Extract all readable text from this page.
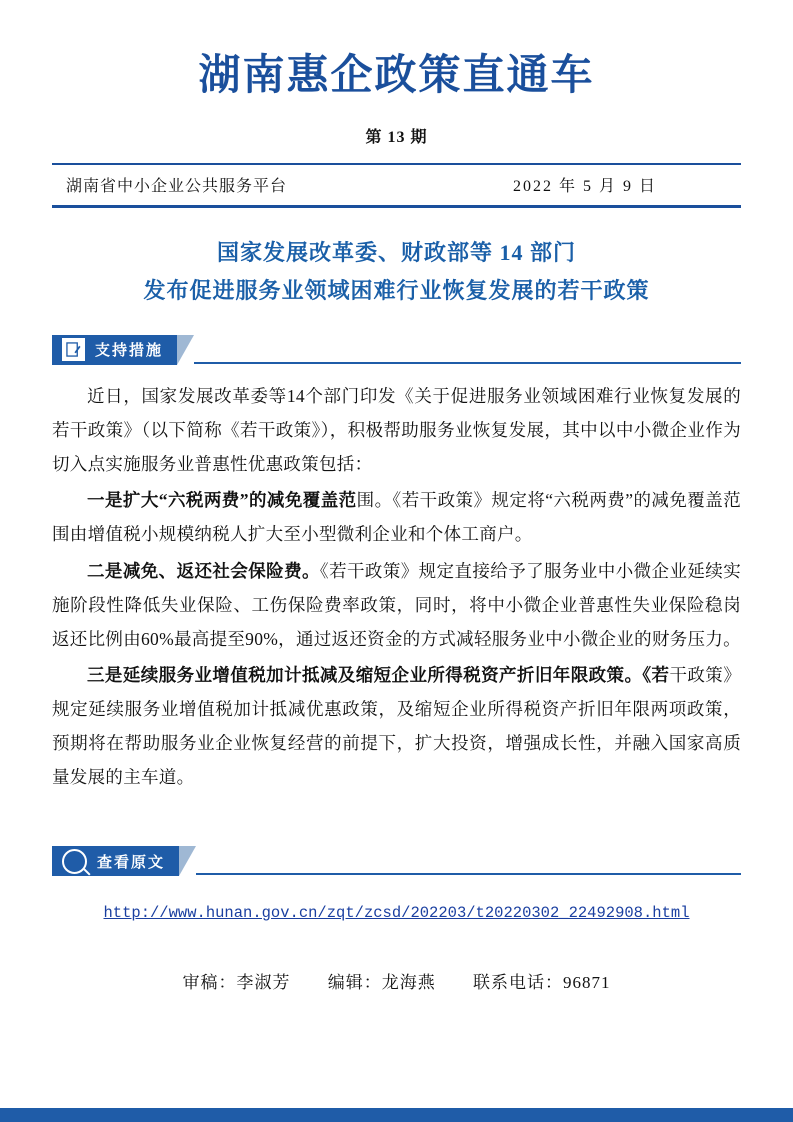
湖南惠企政策直通车
第 13 期
湖南省中小企业公共服务平台	2022 年 5 月 9 日
国家发展改革委、财政部等 14 部门
发布促进服务业领域困难行业恢复发展的若干政策
支持措施

近日，国家发展改革委等14个部门印发《关于促进服务业领域困难行业恢复发展的若干政策》（以下简称《若干政策》），积极帮助服务业恢复发展，其中以中小微企业作为切入点实施服务业普惠性优惠政策包括：

一是扩大“六税两费”的减免覆盖范围。《若干政策》规定将“六税两费”的减免覆盖范围由增值税小规模纳税人扩大至小型微利企业和个体工商户。

二是减免、返还社会保险费。《若干政策》规定直接给予了服务业中小微企业延续实施阶段性降低失业保险、工伤保险费率政策，同时，将中小微企业普惠性失业保险稳岗返还比例由60%最高提至90%，通过返还资金的方式减轻服务业中小微企业的财务压力。

三是延续服务业增值税加计抵减及缩短企业所得税资产折旧年限政策。《若干政策》规定延续服务业增值税加计抵减优惠政策，及缩短企业所得税资产折旧年限两项政策，预期将在帮助服务业企业恢复经营的前提下，扩大投资，增强成长性，并融入国家高质量发展的主车道。

查看原文
http://www.hunan.gov.cn/zqt/zcsd/202203/t20220302_22492908.html
审稿：李淑芳 编辑：龙海燕 联系电话：96871
